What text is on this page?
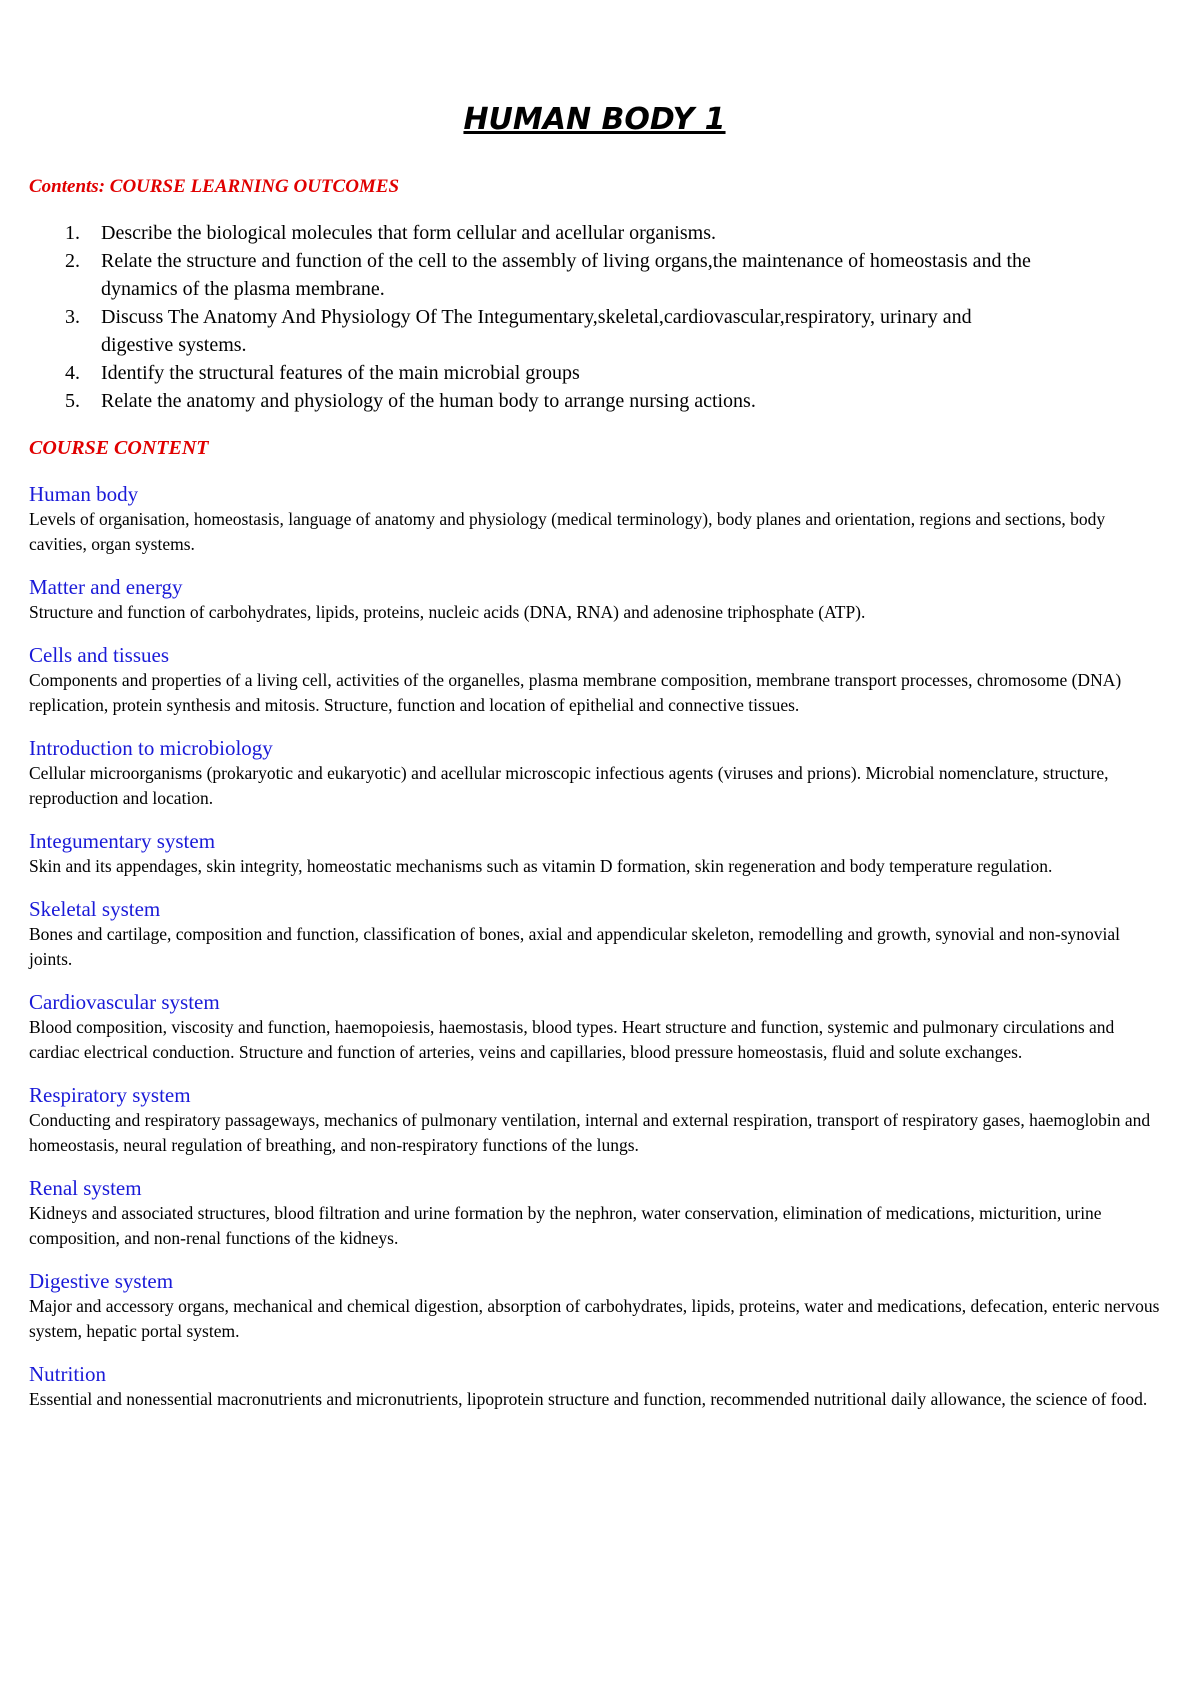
HUMAN BODY 1
Contents: COURSE LEARNING OUTCOMES
1.	Describe the biological molecules that form cellular and acellular organisms.
2.	Relate the structure and function of the cell to the assembly of living organs,the maintenance of homeostasis and the dynamics of the plasma membrane.
3.	Discuss The Anatomy And Physiology Of The Integumentary,skeletal,cardiovascular,respiratory, urinary and digestive systems.
4.	Identify the structural features of the main microbial groups
5.	Relate the anatomy and physiology of the human body to arrange nursing actions.
COURSE CONTENT
Human body
Levels of organisation, homeostasis, language of anatomy and physiology (medical terminology), body planes and orientation, regions and sections, body cavities, organ systems.
Matter and energy
Structure and function of carbohydrates, lipids, proteins, nucleic acids (DNA, RNA) and adenosine triphosphate (ATP).
Cells and tissues
Components and properties of a living cell, activities of the organelles, plasma membrane composition, membrane transport processes, chromosome (DNA) replication, protein synthesis and mitosis. Structure, function and location of epithelial and connective tissues.
Introduction to microbiology
Cellular microorganisms (prokaryotic and eukaryotic) and acellular microscopic infectious agents (viruses and prions). Microbial nomenclature, structure, reproduction and location.
Integumentary system
Skin and its appendages, skin integrity, homeostatic mechanisms such as vitamin D formation, skin regeneration and body temperature regulation.
Skeletal system
Bones and cartilage, composition and function, classification of bones, axial and appendicular skeleton, remodelling and growth, synovial and non-synovial joints.
Cardiovascular system
Blood composition, viscosity and function, haemopoiesis, haemostasis, blood types. Heart structure and function, systemic and pulmonary circulations and cardiac electrical conduction. Structure and function of arteries, veins and capillaries, blood pressure homeostasis, fluid and solute exchanges.
Respiratory system
Conducting and respiratory passageways, mechanics of pulmonary ventilation, internal and external respiration, transport of respiratory gases, haemoglobin and homeostasis, neural regulation of breathing, and non-respiratory functions of the lungs.
Renal system
Kidneys and associated structures, blood filtration and urine formation by the nephron, water conservation, elimination of medications, micturition, urine composition, and non-renal functions of the kidneys.
Digestive system
Major and accessory organs, mechanical and chemical digestion, absorption of carbohydrates, lipids, proteins, water and medications, defecation, enteric nervous system, hepatic portal system.
Nutrition
Essential and nonessential macronutrients and micronutrients, lipoprotein structure and function, recommended nutritional daily allowance, the science of food.
